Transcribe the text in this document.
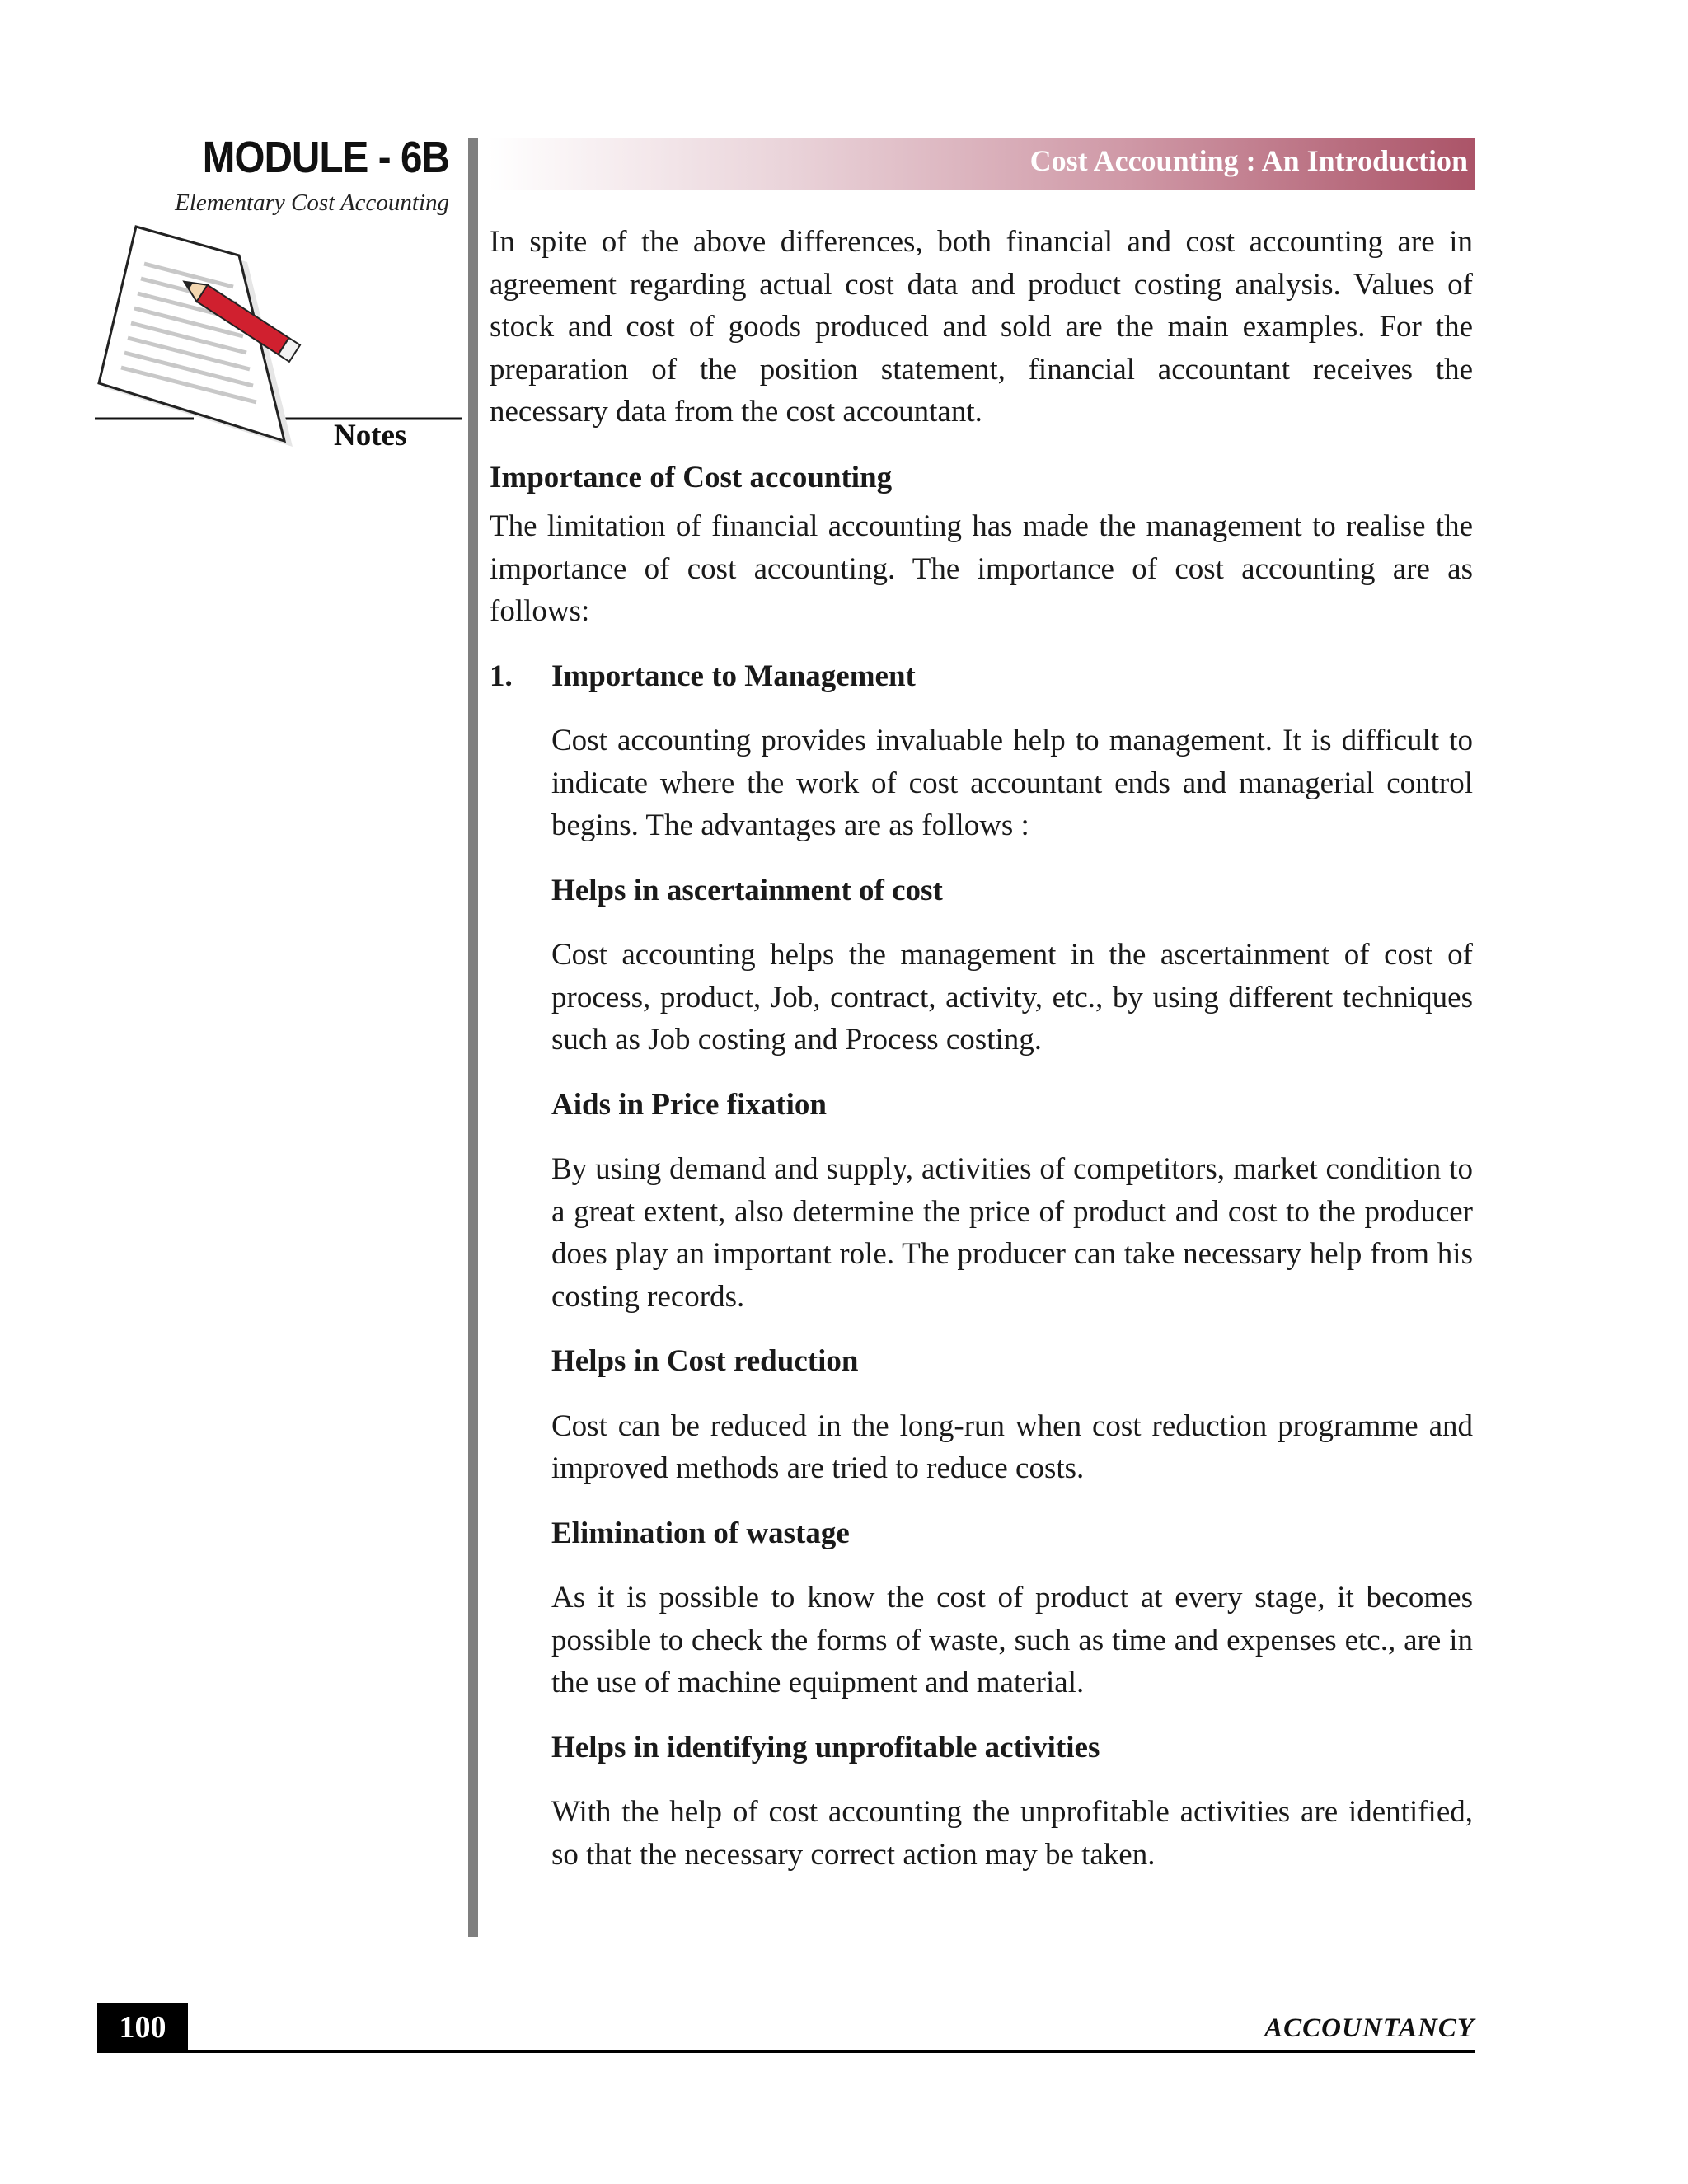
MODULE - 6B
Elementary Cost Accounting
Notes
Cost Accounting : An Introduction

In spite of the above differences, both financial and cost accounting are in agreement regarding actual cost data and product costing analysis. Values of stock and cost of goods produced and sold are the main examples. For the preparation of the position statement, financial accountant receives the necessary data from the cost accountant.

Importance of Cost accounting

The limitation of financial accounting has made the management to realise the importance of cost accounting. The importance of cost accounting are as follows:

1.	Importance to Management

Cost accounting provides invaluable help to management. It is difficult to indicate where the work of cost accountant ends and managerial control begins. The advantages are as follows :

Helps in ascertainment of cost

Cost accounting helps the management in the ascertainment of cost of process, product, Job, contract, activity, etc., by using different techniques such as Job costing and Process costing.

Aids in Price fixation

By using demand and supply, activities of competitors, market condition to a great extent, also determine the price of product and cost to the producer does play an important role. The producer can take necessary help from his costing records.

Helps in Cost reduction

Cost can be reduced in the long-run when cost reduction programme and improved methods are tried to reduce costs.

Elimination of wastage

As it is possible to know the cost of product at every stage, it becomes possible to check the forms of waste, such as time and expenses etc., are in the use of machine equipment and material.

Helps in identifying unprofitable activities

With the help of cost accounting the unprofitable activities are identified, so that the necessary correct action may be taken.

100	ACCOUNTANCY
